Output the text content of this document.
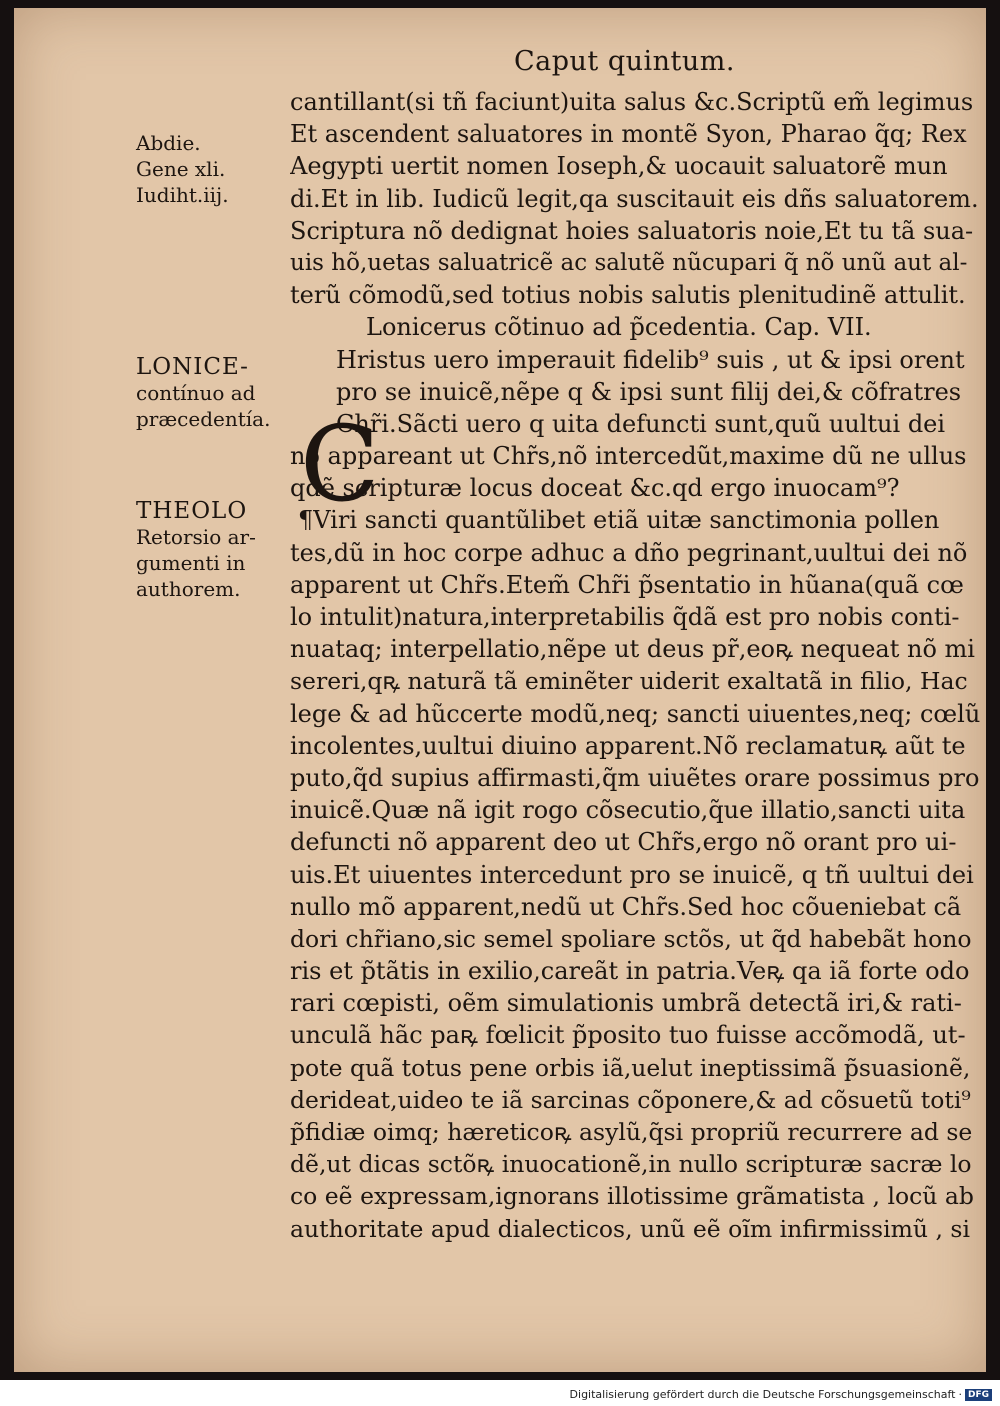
Caput quintum.
Abdie.
Gene xli.
Iudiht.iij.
LONICE-
contínuo ad
præcedentía.
THEOLO
Retorsio ar-
gumenti in
authorem.
C
cantillant(si tñ faciunt)uita salus &c.Scriptũ em̃ legimus
Et ascendent saluatores in montẽ Syon, Pharao q̃q; Rex
Aegypti uertit nomen Ioseph,& uocauit saluatorẽ mun
di.Et in lib. Iudicũ legit,qa suscitauit eis dñs saluatorem.
Scriptura nõ dedignat hoies saluatoris noie,Et tu tã sua-
uis hõ,uetas saluatricẽ ac salutẽ nũcupari q̃ nõ unũ aut al-
terũ cõmodũ,sed totius nobis salutis plenitudinẽ attulit.
Lonicerus cõtinuo ad p̃cedentia. Cap. VII.
Hristus uero imperauit fidelib⁹ suis , ut & ipsi orent
pro se inuicẽ,nẽpe q & ipsi sunt filij dei,& cõfratres
Chr̃i.Sãcti uero q uita defuncti sunt,quũ uultui dei
nõ appareant ut Chr̃s,nõ intercedũt,maxime dũ ne ullus
qdẽ scripturæ locus doceat &c.qd ergo inuocam⁹?
¶Viri sancti quantũlibet etiã uitæ sanctimonia pollen
tes,dũ in hoc corpe adhuc a dño pegrinant,uultui dei nõ
apparent ut Chr̃s.Etem̃ Chr̃i p̃sentatio in hũana(quã cœ
lo intulit)natura,interpretabilis q̃dã est pro nobis conti-
nuataq; interpellatio,nẽpe ut deus pr̃,eoꝶ nequeat nõ mi
sereri,qꝶ naturã tã eminẽter uiderit exaltatã in filio, Hac
lege & ad hũccerte modũ,neq; sancti uiuentes,neq; cœlũ
incolentes,uultui diuino apparent.Nõ reclamatuꝶ aũt te
puto,q̃d supius affirmasti,q̃m uiuẽtes orare possimus pro
inuicẽ.Quæ nã igit rogo cõsecutio,q̃ue illatio,sancti uita
defuncti nõ apparent deo ut Chr̃s,ergo nõ orant pro ui-
uis.Et uiuentes intercedunt pro se inuicẽ, q tñ uultui dei
nullo mõ apparent,nedũ ut Chr̃s.Sed hoc cõueniebat cã
dori chr̃iano,sic semel spoliare sctõs, ut q̃d habebãt hono
ris et p̃tãtis in exilio,careãt in patria.Veꝶ qa iã forte odo
rari cœpisti, oẽm simulationis umbrã detectã iri,& rati-
unculã hãc paꝶ fœlicit p̃posito tuo fuisse accõmodã, ut-
pote quã totus pene orbis iã,uelut ineptissimã p̃suasionẽ,
derideat,uideo te iã sarcinas cõponere,& ad cõsuetũ toti⁹
p̃fidiæ oimq; hæreticoꝶ asylũ,q̃si propriũ recurrere ad se
dẽ,ut dicas sctõꝶ inuocationẽ,in nullo scripturæ sacræ lo
co eẽ expressam,ignorans illotissime grãmatista , locũ ab
authoritate apud dialecticos, unũ eẽ oĩm infirmissimũ , si
Digitalisierung gefördert durch die Deutsche Forschungsgemeinschaft · DFG
